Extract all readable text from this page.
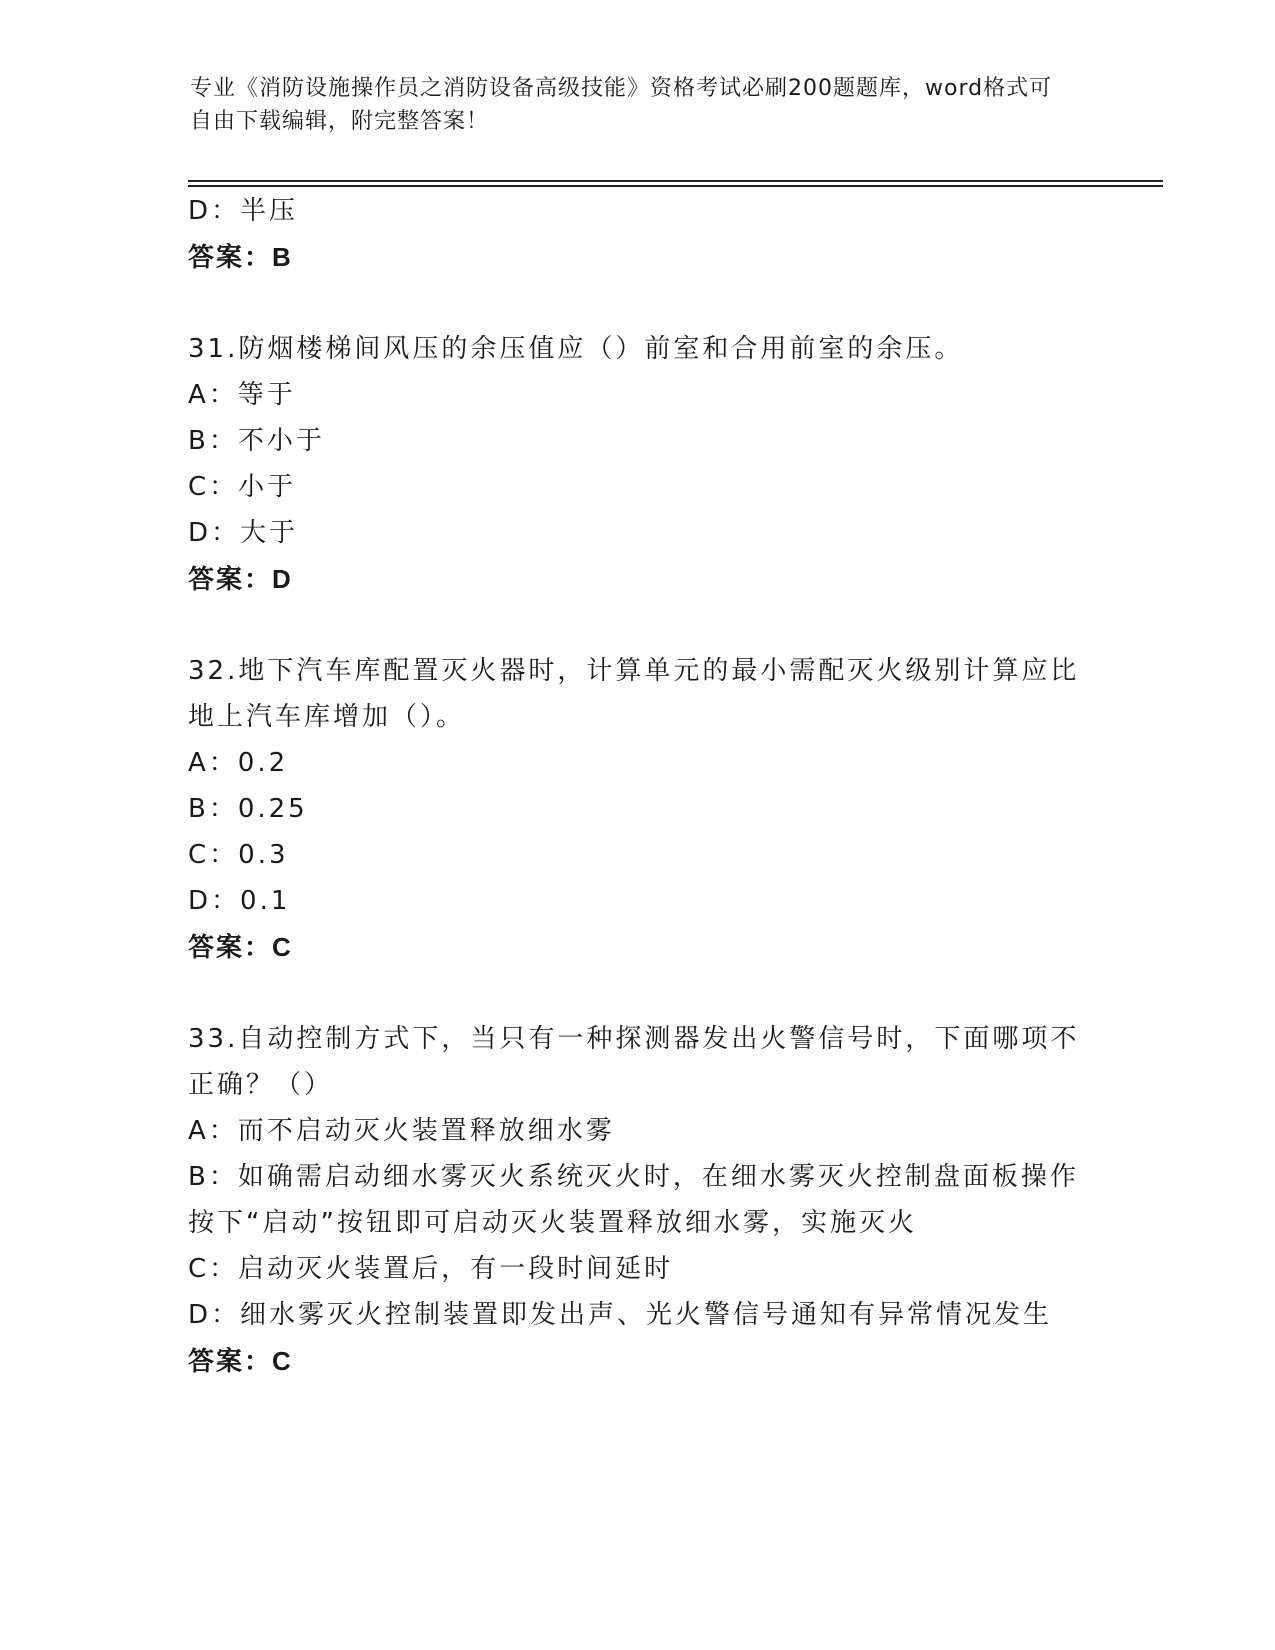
专业《消防设施操作员之消防设备高级技能》资格考试必刷200题题库，word格式可自由下载编辑，附完整答案！
D：半压
答案：B
31.防烟楼梯间风压的余压值应（）前室和合用前室的余压。
A：等于
B：不小于
C：小于
D：大于
答案：D
32.地下汽车库配置灭火器时，计算单元的最小需配灭火级别计算应比地上汽车库增加（）。
A：0.2
B：0.25
C：0.3
D：0.1
答案：C
33.自动控制方式下，当只有一种探测器发出火警信号时，下面哪项不正确？（）
A：而不启动灭火装置释放细水雾
B：如确需启动细水雾灭火系统灭火时，在细水雾灭火控制盘面板操作按下“启动”按钮即可启动灭火装置释放细水雾，实施灭火
C：启动灭火装置后，有一段时间延时
D：细水雾灭火控制装置即发出声、光火警信号通知有异常情况发生
答案：C
